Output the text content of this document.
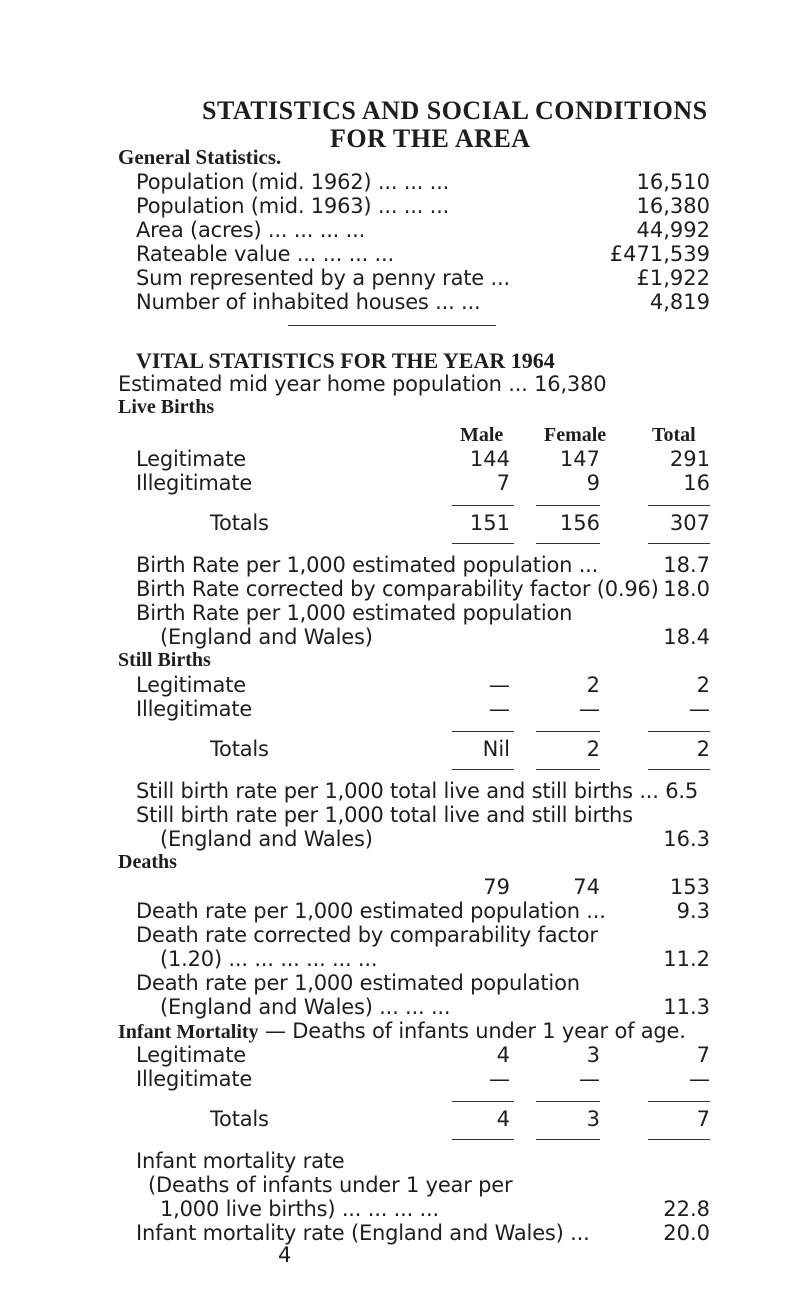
STATISTICS AND SOCIAL CONDITIONS
FOR THE AREA
General Statistics.
Population (mid. 1962) ... ... ...	16,510
Population (mid. 1963) ... ... ...	16,380
Area (acres) ... ... ... ...	44,992
Rateable value ... ... ... ...	£471,539
Sum represented by a penny rate ...	£1,922
Number of inhabited houses ... ...	4,819
VITAL STATISTICS FOR THE YEAR 1964
Estimated mid year home population ... 16,380
Live Births
Male Female Total
Legitimate	144	147	291
Illegitimate	7	9	16
Totals	151	156	307
Birth Rate per 1,000 estimated population ...	18.7
Birth Rate corrected by comparability factor (0.96) 18.0
Birth Rate per 1,000 estimated population
(England and Wales)	18.4
Still Births
Legitimate	—	2	2
Illegitimate	—	—	—
Totals	Nil	2	2
Still birth rate per 1,000 total live and still births ... 6.5
Still birth rate per 1,000 total live and still births
(England and Wales)	16.3
Deaths
79	74	153
Death rate per 1,000 estimated population ...	9.3
Death rate corrected by comparability factor
(1.20) ... ... ... ... ... ...	11.2
Death rate per 1,000 estimated population
(England and Wales) ... ... ...	11.3
Infant Mortality — Deaths of infants under 1 year of age.
Legitimate	4	3	7
Illegitimate	—	—	—
Totals	4	3	7
Infant mortality rate
(Deaths of infants under 1 year per
1,000 live births) ... ... ... ...	22.8
Infant mortality rate (England and Wales) ...	20.0
4
